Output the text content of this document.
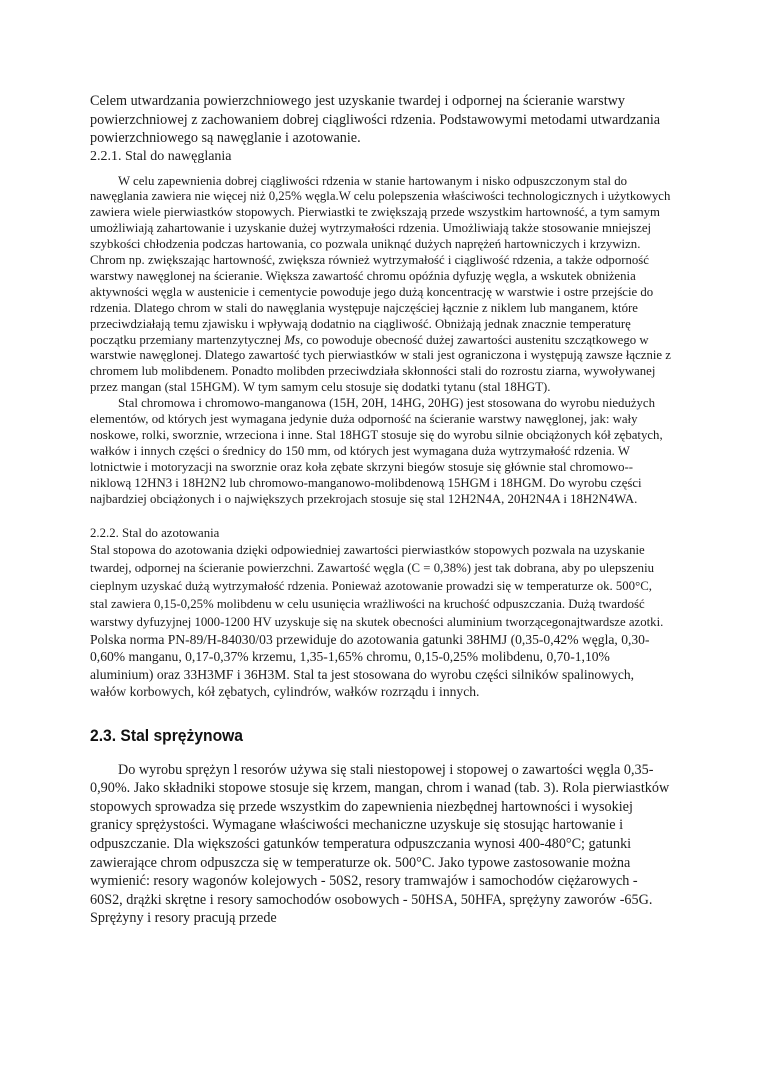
Celem utwardzania powierzchniowego jest uzyskanie twardej i odpornej na ścieranie warstwy powierzchniowej z zachowaniem dobrej ciągliwości rdzenia. Podstawowymi metodami utwardzania powierzchniowego są nawęglanie i azotowanie.

2.2.1. Stal do nawęglania

W celu zapewnienia dobrej ciągliwości rdzenia w stanie hartowanym i nisko odpuszczonym stal do nawęglania zawiera nie więcej niż 0,25% węgla.W celu polepszenia właściwości technologicznych i użytkowych zawiera wiele pierwiastków stopowych. Pierwiastki te zwiększają przede wszystkim hartowność, a tym samym umożliwiają zahartowanie i uzyskanie dużej wytrzymałości rdzenia. Umożliwiają także stosowanie mniejszej szybkości chłodzenia podczas hartowania, co pozwala uniknąć dużych naprężeń hartowniczych i krzywizn. Chrom np. zwiększając hartowność, zwiększa również wytrzymałość i ciągliwość rdzenia, a także odporność warstwy nawęglonej na ścieranie. Większa zawartość chromu opóźnia dyfuzję węgla, a wskutek obniżenia aktywności węgla w austenicie i cementycie powoduje jego dużą koncentrację w warstwie i ostre przejście do rdzenia. Dlatego chrom w stali do nawęglania występuje najczęściej łącznie z niklem lub manganem, które przeciwdziałają temu zjawisku i wpływają dodatnio na ciągliwość. Obniżają jednak znacznie temperaturę początku przemiany martenzytycznej Ms, co powoduje obecność dużej zawartości austenitu szczątkowego w warstwie nawęglonej. Dlatego zawartość tych pierwiastków w stali jest ograniczona i występują zawsze łącznie z chromem lub molibdenem. Ponadto molibden przeciwdziała skłonności stali do rozrostu ziarna, wywoływanej przez mangan (stal 15HGM). W tym samym celu stosuje się dodatki tytanu (stal 18HGT).

Stal chromowa i chromowo-manganowa (15H, 20H, 14HG, 20HG) jest stosowana do wyrobu niedużych elementów, od których jest wymagana jedynie duża odporność na ścieranie warstwy nawęglonej, jak: wały noskowe, rolki, sworznie, wrzeciona i inne. Stal 18HGT stosuje się do wyrobu silnie obciążonych kół zębatych, wałków i innych części o średnicy do 150 mm, od których jest wymagana duża wytrzymałość rdzenia. W lotnictwie i motoryzacji na sworznie oraz koła zębate skrzyni biegów stosuje się głównie stal chromowo--niklową 12HN3 i 18H2N2 lub chromowo-manganowo-molibdenową 15HGM i 18HGM. Do wyrobu części najbardziej obciążonych i o największych przekrojach stosuje się stal 12H2N4A, 20H2N4A i 18H2N4WA.

2.2.2. Stal do azotowania

Stal stopowa do azotowania dzięki odpowiedniej zawartości pierwiastków stopowych pozwala na uzyskanie twardej, odpornej na ścieranie powierzchni. Zawartość węgla (C = 0,38%) jest tak dobrana, aby po ulepszeniu cieplnym uzyskać dużą wytrzymałość rdzenia. Ponieważ azotowanie prowadzi się w temperaturze ok. 500°C, stal zawiera 0,15-0,25% molibdenu w celu usunięcia wrażliwości na kruchość odpuszczania. Dużą twardość warstwy dyfuzyjnej 1000-1200 HV uzyskuje się na skutek obecności aluminium tworzącegonajtwardsze azotki. Polska norma PN-89/H-84030/03 przewiduje do azotowania gatunki 38HMJ (0,35-0,42% węgla, 0,30-0,60% manganu, 0,17-0,37% krzemu, 1,35-1,65% chromu, 0,15-0,25% molibdenu, 0,70-1,10% aluminium) oraz 33H3MF i 36H3M. Stal ta jest stosowana do wyrobu części silników spalinowych, wałów korbowych, kół zębatych, cylindrów, wałków rozrządu i innych.

2.3. Stal sprężynowa

Do wyrobu sprężyn l resorów używa się stali niestopowej i stopowej o zawartości węgla 0,35-0,90%. Jako składniki stopowe stosuje się krzem, mangan, chrom i wanad (tab. 3). Rola pierwiastków stopowych sprowadza się przede wszystkim do zapewnienia niezbędnej hartowności i wysokiej granicy sprężystości. Wymagane właściwości mechaniczne uzyskuje się stosując hartowanie i odpuszczanie. Dla większości gatunków temperatura odpuszczania wynosi 400-480°C; gatunki zawierające chrom odpuszcza się w temperaturze ok. 500°C. Jako typowe zastosowanie można wymienić: resory wagonów kolejowych - 50S2, resory tramwajów i samochodów ciężarowych - 60S2, drążki skrętne i resory samochodów osobowych - 50HSA, 50HFA, sprężyny zaworów -65G. Sprężyny i resory pracują przede
